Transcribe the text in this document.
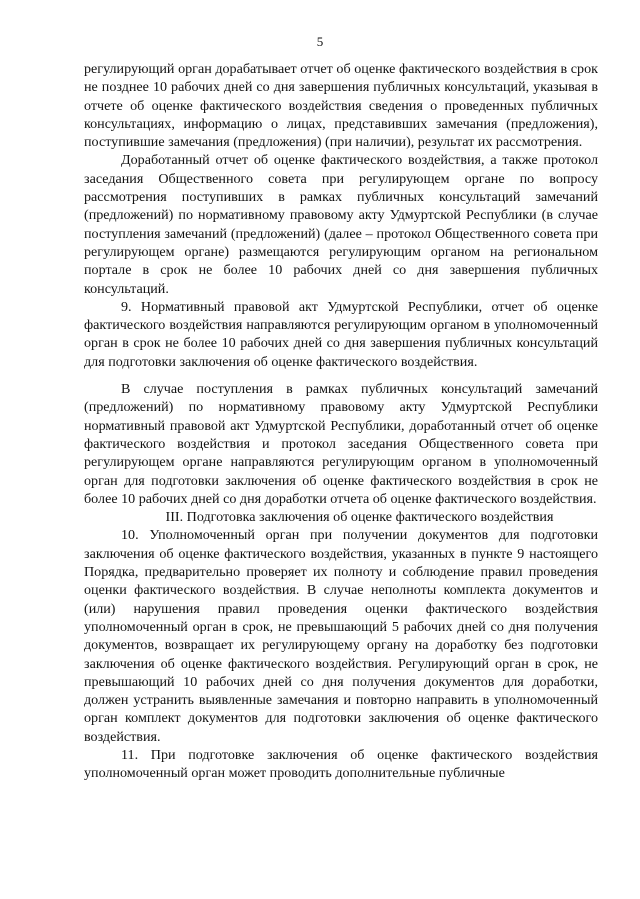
5

регулирующий орган дорабатывает отчет об оценке фактического воздействия в срок не позднее 10 рабочих дней со дня завершения публичных консультаций, указывая в отчете об оценке фактического воздействия сведения о проведенных публичных консультациях, информацию о лицах, представивших замечания (предложения), поступившие замечания (предложения) (при наличии), результат их рассмотрения.

Доработанный отчет об оценке фактического воздействия, а также протокол заседания Общественного совета при регулирующем органе по вопросу рассмотрения поступивших в рамках публичных консультаций замечаний (предложений) по нормативному правовому акту Удмуртской Республики (в случае поступления замечаний (предложений) (далее – протокол Общественного совета при регулирующем органе) размещаются регулирующим органом на региональном портале в срок не более 10 рабочих дней со дня завершения публичных консультаций.

9. Нормативный правовой акт Удмуртской Республики, отчет об оценке фактического воздействия направляются регулирующим органом в уполномоченный орган в срок не более 10 рабочих дней со дня завершения публичных консультаций для подготовки заключения об оценке фактического воздействия.

В случае поступления в рамках публичных консультаций замечаний (предложений) по нормативному правовому акту Удмуртской Республики нормативный правовой акт Удмуртской Республики, доработанный отчет об оценке фактического воздействия и протокол заседания Общественного совета при регулирующем органе направляются регулирующим органом в уполномоченный орган для подготовки заключения об оценке фактического воздействия в срок не более 10 рабочих дней со дня доработки отчета об оценке фактического воздействия.

III. Подготовка заключения об оценке фактического воздействия

10. Уполномоченный орган при получении документов для подготовки заключения об оценке фактического воздействия, указанных в пункте 9 настоящего Порядка, предварительно проверяет их полноту и соблюдение правил проведения оценки фактического воздействия. В случае неполноты комплекта документов и (или) нарушения правил проведения оценки фактического воздействия уполномоченный орган в срок, не превышающий 5 рабочих дней со дня получения документов, возвращает их регулирующему органу на доработку без подготовки заключения об оценке фактического воздействия. Регулирующий орган в срок, не превышающий 10 рабочих дней со дня получения документов для доработки, должен устранить выявленные замечания и повторно направить в уполномоченный орган комплект документов для подготовки заключения об оценке фактического воздействия.

11. При подготовке заключения об оценке фактического воздействия уполномоченный орган может проводить дополнительные публичные
